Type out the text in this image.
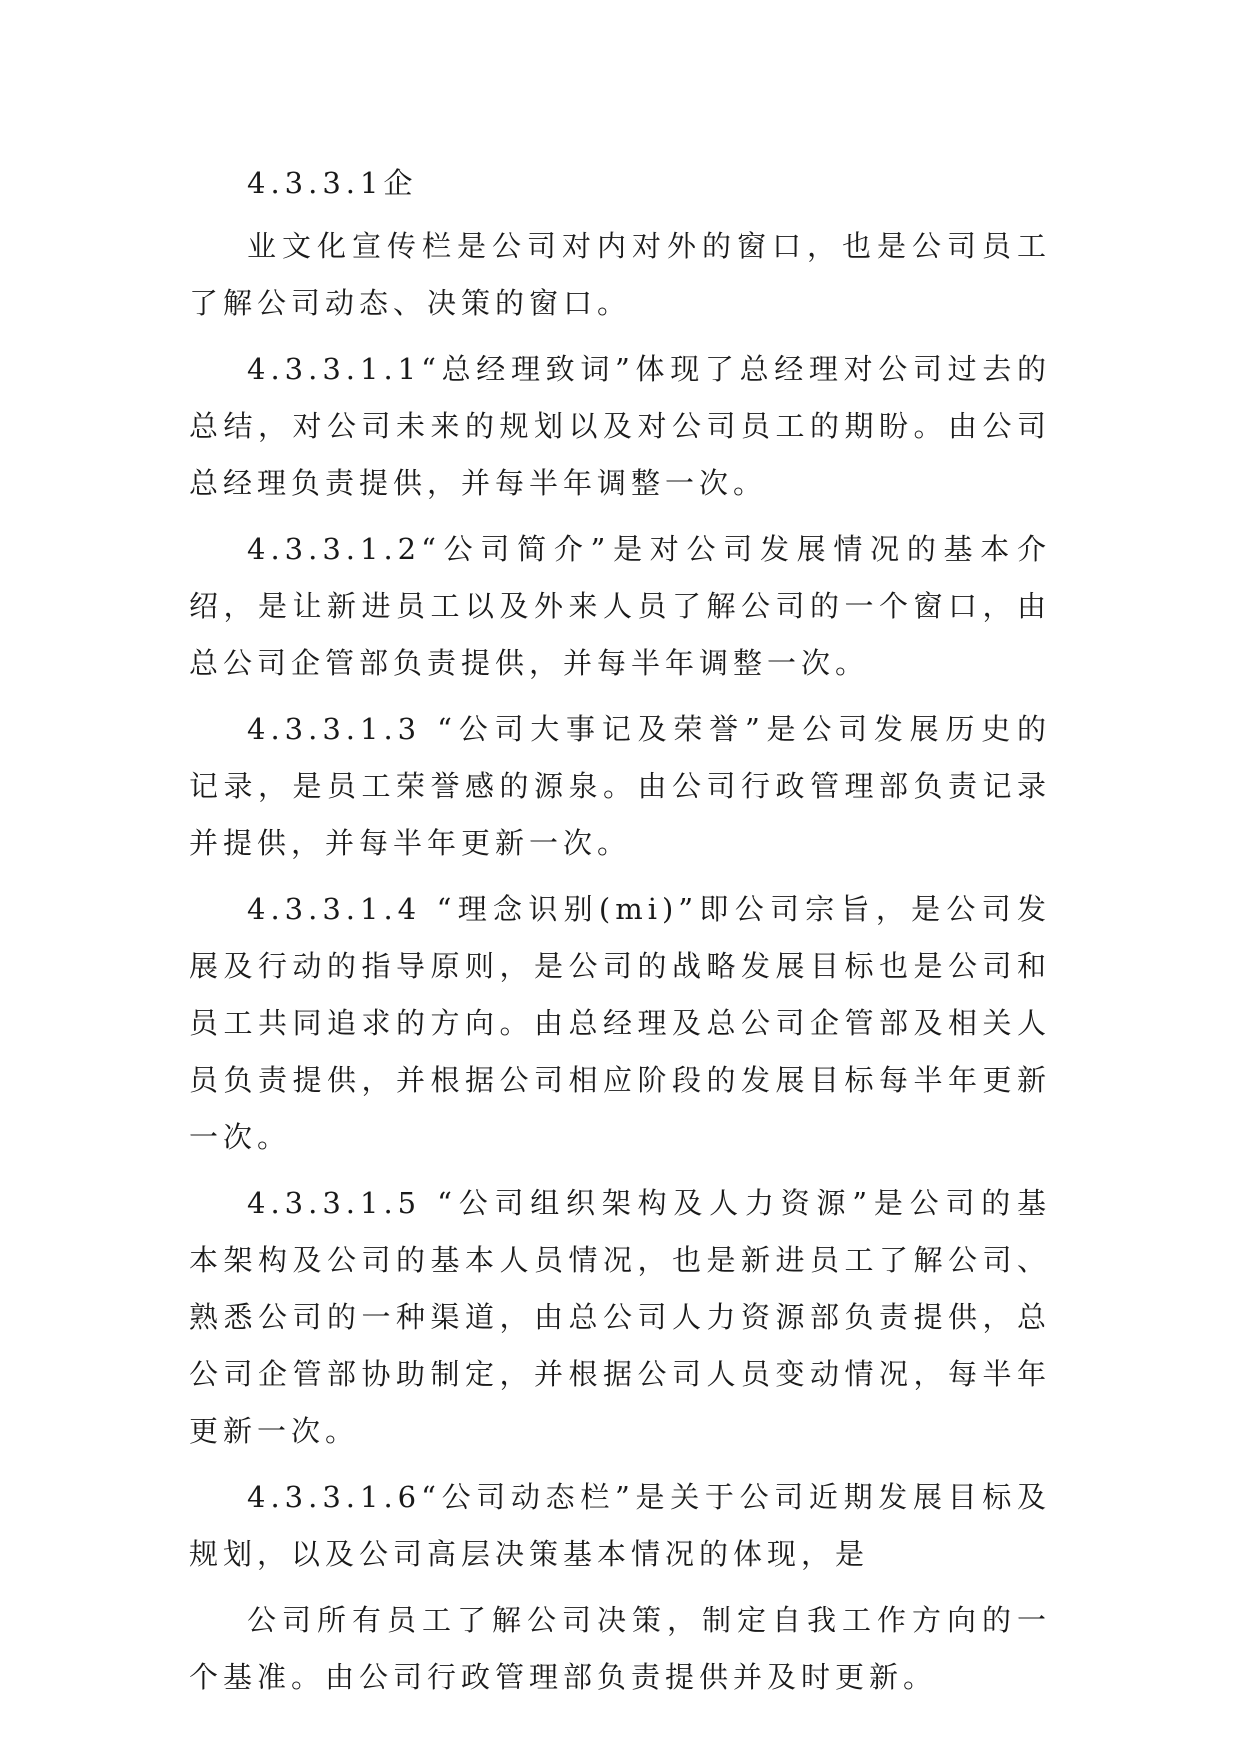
4.3.3.1企

业文化宣传栏是公司对内对外的窗口，也是公司员工了解公司动态、决策的窗口。

4.3.3.1.1“总经理致词”体现了总经理对公司过去的总结，对公司未来的规划以及对公司员工的期盼。由公司总经理负责提供，并每半年调整一次。

4.3.3.1.2“公司简介”是对公司发展情况的基本介绍，是让新进员工以及外来人员了解公司的一个窗口，由总公司企管部负责提供，并每半年调整一次。

4.3.3.1.3 “公司大事记及荣誉”是公司发展历史的记录，是员工荣誉感的源泉。由公司行政管理部负责记录并提供，并每半年更新一次。

4.3.3.1.4 “理念识别(mi)”即公司宗旨，是公司发展及行动的指导原则，是公司的战略发展目标也是公司和员工共同追求的方向。由总经理及总公司企管部及相关人员负责提供，并根据公司相应阶段的发展目标每半年更新一次。

4.3.3.1.5 “公司组织架构及人力资源”是公司的基本架构及公司的基本人员情况，也是新进员工了解公司、熟悉公司的一种渠道，由总公司人力资源部负责提供，总公司企管部协助制定，并根据公司人员变动情况，每半年更新一次。

4.3.3.1.6“公司动态栏”是关于公司近期发展目标及规划，以及公司高层决策基本情况的体现，是

公司所有员工了解公司决策，制定自我工作方向的一个基准。由公司行政管理部负责提供并及时更新。
